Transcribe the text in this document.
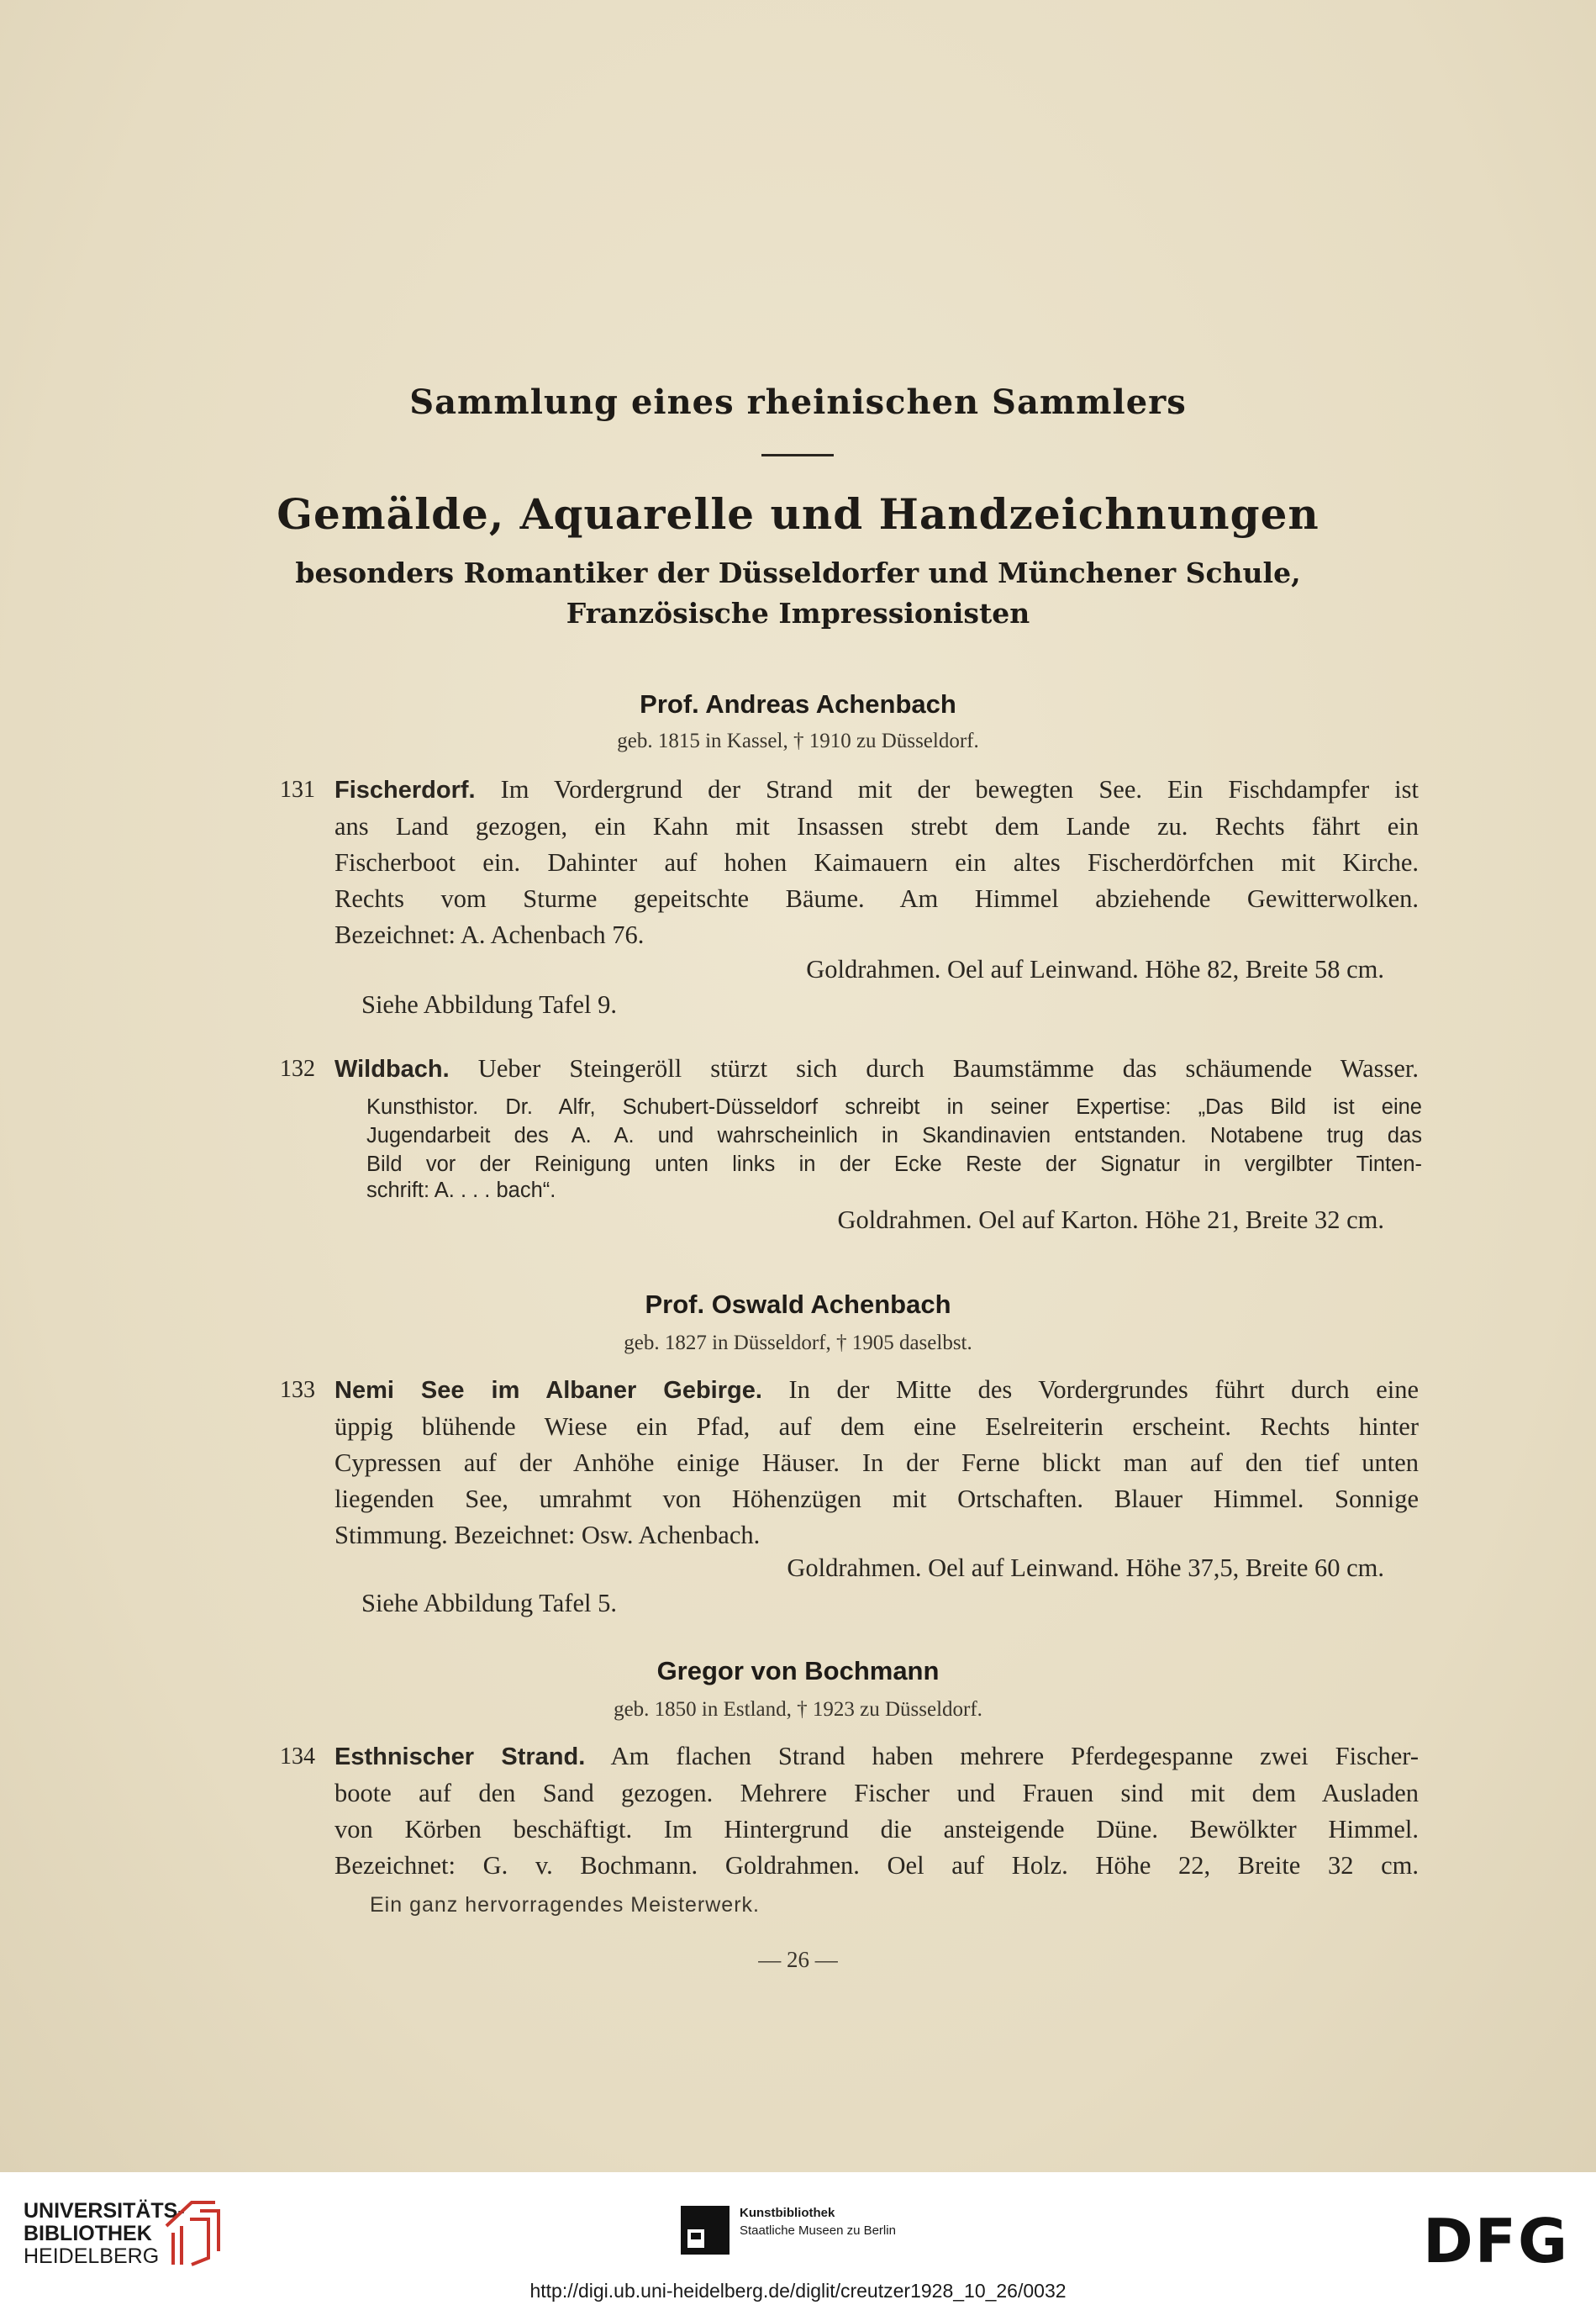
Sammlung eines rheinischen Sammlers
Gemälde, Aquarelle und Handzeichnungen
besonders Romantiker der Düsseldorfer und Münchener Schule,
Französische Impressionisten
Prof. Andreas Achenbach
geb. 1815 in Kassel, † 1910 zu Düsseldorf.
131 Fischerdorf. Im Vordergrund der Strand mit der bewegten See. Ein Fischdampfer ist
ans Land gezogen, ein Kahn mit Insassen strebt dem Lande zu. Rechts fährt ein
Fischerboot ein. Dahinter auf hohen Kaimauern ein altes Fischerdörfchen mit Kirche.
Rechts vom Sturme gepeitschte Bäume. Am Himmel abziehende Gewitterwolken.
Bezeichnet: A. Achenbach 76.
Goldrahmen. Oel auf Leinwand. Höhe 82, Breite 58 cm.
Siehe Abbildung Tafel 9.
132 Wildbach. Ueber Steingeröll stürzt sich durch Baumstämme das schäumende Wasser.
Kunsthistor. Dr. Alfr, Schubert-Düsseldorf schreibt in seiner Expertise: „Das Bild ist eine
Jugendarbeit des A. A. und wahrscheinlich in Skandinavien entstanden. Notabene trug das
Bild vor der Reinigung unten links in der Ecke Reste der Signatur in vergilbter Tinten-
schrift: A. . . . bach“.
Goldrahmen. Oel auf Karton. Höhe 21, Breite 32 cm.
Prof. Oswald Achenbach
geb. 1827 in Düsseldorf, † 1905 daselbst.
133 Nemi See im Albaner Gebirge. In der Mitte des Vordergrundes führt durch eine
üppig blühende Wiese ein Pfad, auf dem eine Eselreiterin erscheint. Rechts hinter
Cypressen auf der Anhöhe einige Häuser. In der Ferne blickt man auf den tief unten
liegenden See, umrahmt von Höhenzügen mit Ortschaften. Blauer Himmel. Sonnige
Stimmung. Bezeichnet: Osw. Achenbach.
Goldrahmen. Oel auf Leinwand. Höhe 37,5, Breite 60 cm.
Siehe Abbildung Tafel 5.
Gregor von Bochmann
geb. 1850 in Estland, † 1923 zu Düsseldorf.
134 Esthnischer Strand. Am flachen Strand haben mehrere Pferdegespanne zwei Fischer-
boote auf den Sand gezogen. Mehrere Fischer und Frauen sind mit dem Ausladen
von Körben beschäftigt. Im Hintergrund die ansteigende Düne. Bewölkter Himmel.
Bezeichnet: G. v. Bochmann. Goldrahmen. Oel auf Holz. Höhe 22, Breite 32 cm.
Ein ganz hervorragendes Meisterwerk.
— 26 —
UNIVERSITÄTS-
BIBLIOTHEK
HEIDELBERG
Kunstbibliothek
Staatliche Museen zu Berlin	DFG
http://digi.ub.uni-heidelberg.de/diglit/creutzer1928_10_26/0032
